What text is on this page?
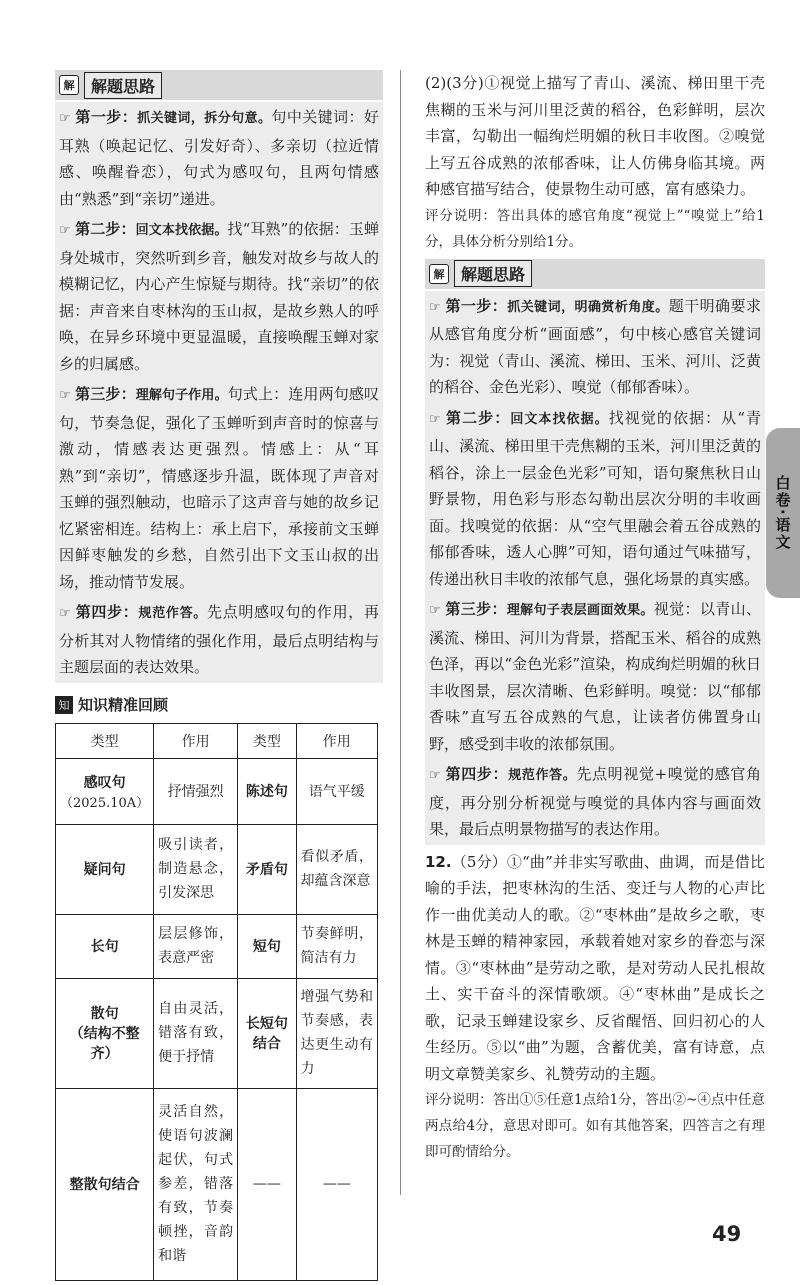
解	解题思路
☞ 第一步：抓关键词，拆分句意。句中关键词：好耳熟（唤起记忆、引发好奇）、多亲切（拉近情感、唤醒眷恋），句式为感叹句，且两句情感由“熟悉”到“亲切”递进。
☞ 第二步：回文本找依据。找“耳熟”的依据：玉蝉身处城市，突然听到乡音，触发对故乡与故人的模糊记忆，内心产生惊疑与期待。找“亲切”的依据：声音来自枣林沟的玉山叔，是故乡熟人的呼唤，在异乡环境中更显温暖，直接唤醒玉蝉对家乡的归属感。
☞ 第三步：理解句子作用。句式上：连用两句感叹句，节奏急促，强化了玉蝉听到声音时的惊喜与激动，情感表达更强烈。情感上：从“耳熟”到“亲切”，情感逐步升温，既体现了声音对玉蝉的强烈触动，也暗示了这声音与她的故乡记忆紧密相连。结构上：承上启下，承接前文玉蝉因鲜枣触发的乡愁，自然引出下文玉山叔的出场，推动情节发展。
☞ 第四步：规范作答。先点明感叹句的作用，再分析其对人物情绪的强化作用，最后点明结构与主题层面的表达效果。
知 知识精准回顾
类型	作用	类型	作用
感叹句
（2025.10A）	抒情强烈	陈述句	语气平缓
疑问句	吸引读者，制造悬念，引发深思	矛盾句	看似矛盾，却蕴含深意
长句	层层修饰，表意严密	短句	节奏鲜明，简洁有力
散句
（结构不整齐）	自由灵活，错落有致，便于抒情	长短句结合	增强气势和节奏感，表达更生动有力
整散句结合	灵活自然，使语句波澜起伏，句式参差，错落有致，节奏顿挫，音韵和谐	——	——

(2)(3分)①视觉上描写了青山、溪流、梯田里干壳焦糊的玉米与河川里泛黄的稻谷，色彩鲜明，层次丰富，勾勒出一幅绚烂明媚的秋日丰收图。②嗅觉上写五谷成熟的浓郁香味，让人仿佛身临其境。两种感官描写结合，使景物生动可感，富有感染力。

评分说明：答出具体的感官角度“视觉上”“嗅觉上”给1分，具体分析分别给1分。

解	解题思路
☞ 第一步：抓关键词，明确赏析角度。题干明确要求从感官角度分析“画面感”，句中核心感官关键词为：视觉（青山、溪流、梯田、玉米、河川、泛黄的稻谷、金色光彩）、嗅觉（郁郁香味）。
☞ 第二步：回文本找依据。找视觉的依据：从“青山、溪流、梯田里干壳焦糊的玉米，河川里泛黄的稻谷，涂上一层金色光彩”可知，语句聚焦秋日山野景物，用色彩与形态勾勒出层次分明的丰收画面。找嗅觉的依据：从“空气里融会着五谷成熟的郁郁香味，透人心脾”可知，语句通过气味描写，传递出秋日丰收的浓郁气息，强化场景的真实感。
☞ 第三步：理解句子表层画面效果。视觉：以青山、溪流、梯田、河川为背景，搭配玉米、稻谷的成熟色泽，再以“金色光彩”渲染，构成绚烂明媚的秋日丰收图景，层次清晰、色彩鲜明。嗅觉：以“郁郁香味”直写五谷成熟的气息，让读者仿佛置身山野，感受到丰收的浓郁氛围。
☞ 第四步：规范作答。先点明视觉+嗅觉的感官角度，再分别分析视觉与嗅觉的具体内容与画面效果，最后点明景物描写的表达作用。

12.（5分）①“曲”并非实写歌曲、曲调，而是借比喻的手法，把枣林沟的生活、变迁与人物的心声比作一曲优美动人的歌。②“枣林曲”是故乡之歌，枣林是玉蝉的精神家园，承载着她对家乡的眷恋与深情。③“枣林曲”是劳动之歌，是对劳动人民扎根故土、实干奋斗的深情歌颂。④“枣林曲”是成长之歌，记录玉蝉建设家乡、反省醒悟、回归初心的人生经历。⑤以“曲”为题，含蓄优美，富有诗意，点明文章赞美家乡、礼赞劳动的主题。

评分说明：答出①⑤任意1点给1分，答出②~④点中任意两点给4分，意思对即可。如有其他答案，四答言之有理即可酌情给分。

白卷·语文
49
